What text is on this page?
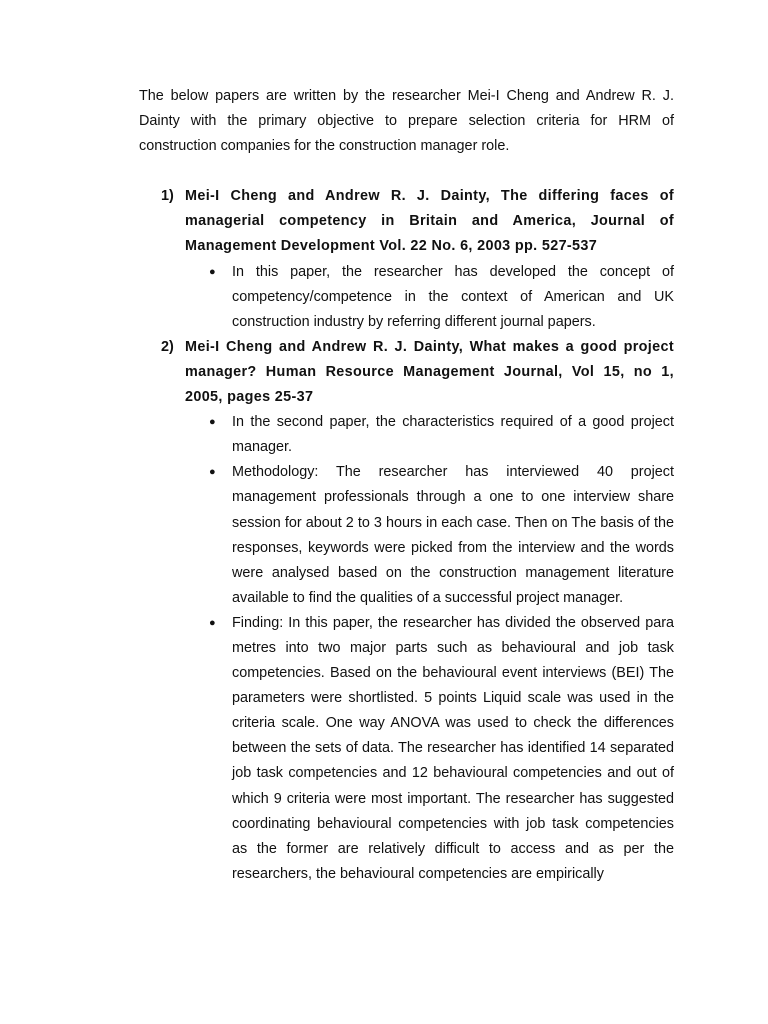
The below papers are written by the researcher Mei-I Cheng and Andrew R. J. Dainty with the primary objective to prepare selection criteria for HRM of construction companies for the construction manager role.

1) Mei-I Cheng and Andrew R. J. Dainty, The differing faces of managerial competency in Britain and America, Journal of Management Development Vol. 22 No. 6, 2003 pp. 527-537

● In this paper, the researcher has developed the concept of competency/competence in the context of American and UK construction industry by referring different journal papers.
2) Mei-I Cheng and Andrew R. J. Dainty, What makes a good project manager? Human Resource Management Journal, Vol 15, no 1, 2005, pages 25-37

● In the second paper, the characteristics required of a good project manager.
● Methodology: The researcher has interviewed 40 project management professionals through a one to one interview share session for about 2 to 3 hours in each case. Then on The basis of the responses, keywords were picked from the interview and the words were analysed based on the construction management literature available to find the qualities of a successful project manager.
● Finding: In this paper, the researcher has divided the observed para metres into two major parts such as behavioural and job task competencies. Based on the behavioural event interviews (BEI) The parameters were shortlisted. 5 points Liquid scale was used in the criteria scale. One way ANOVA was used to check the differences between the sets of data. The researcher has identified 14 separated job task competencies and 12 behavioural competencies and out of which 9 criteria were most important. The researcher has suggested coordinating behavioural competencies with job task competencies as the former are relatively difficult to access and as per the researchers, the behavioural competencies are empirically
